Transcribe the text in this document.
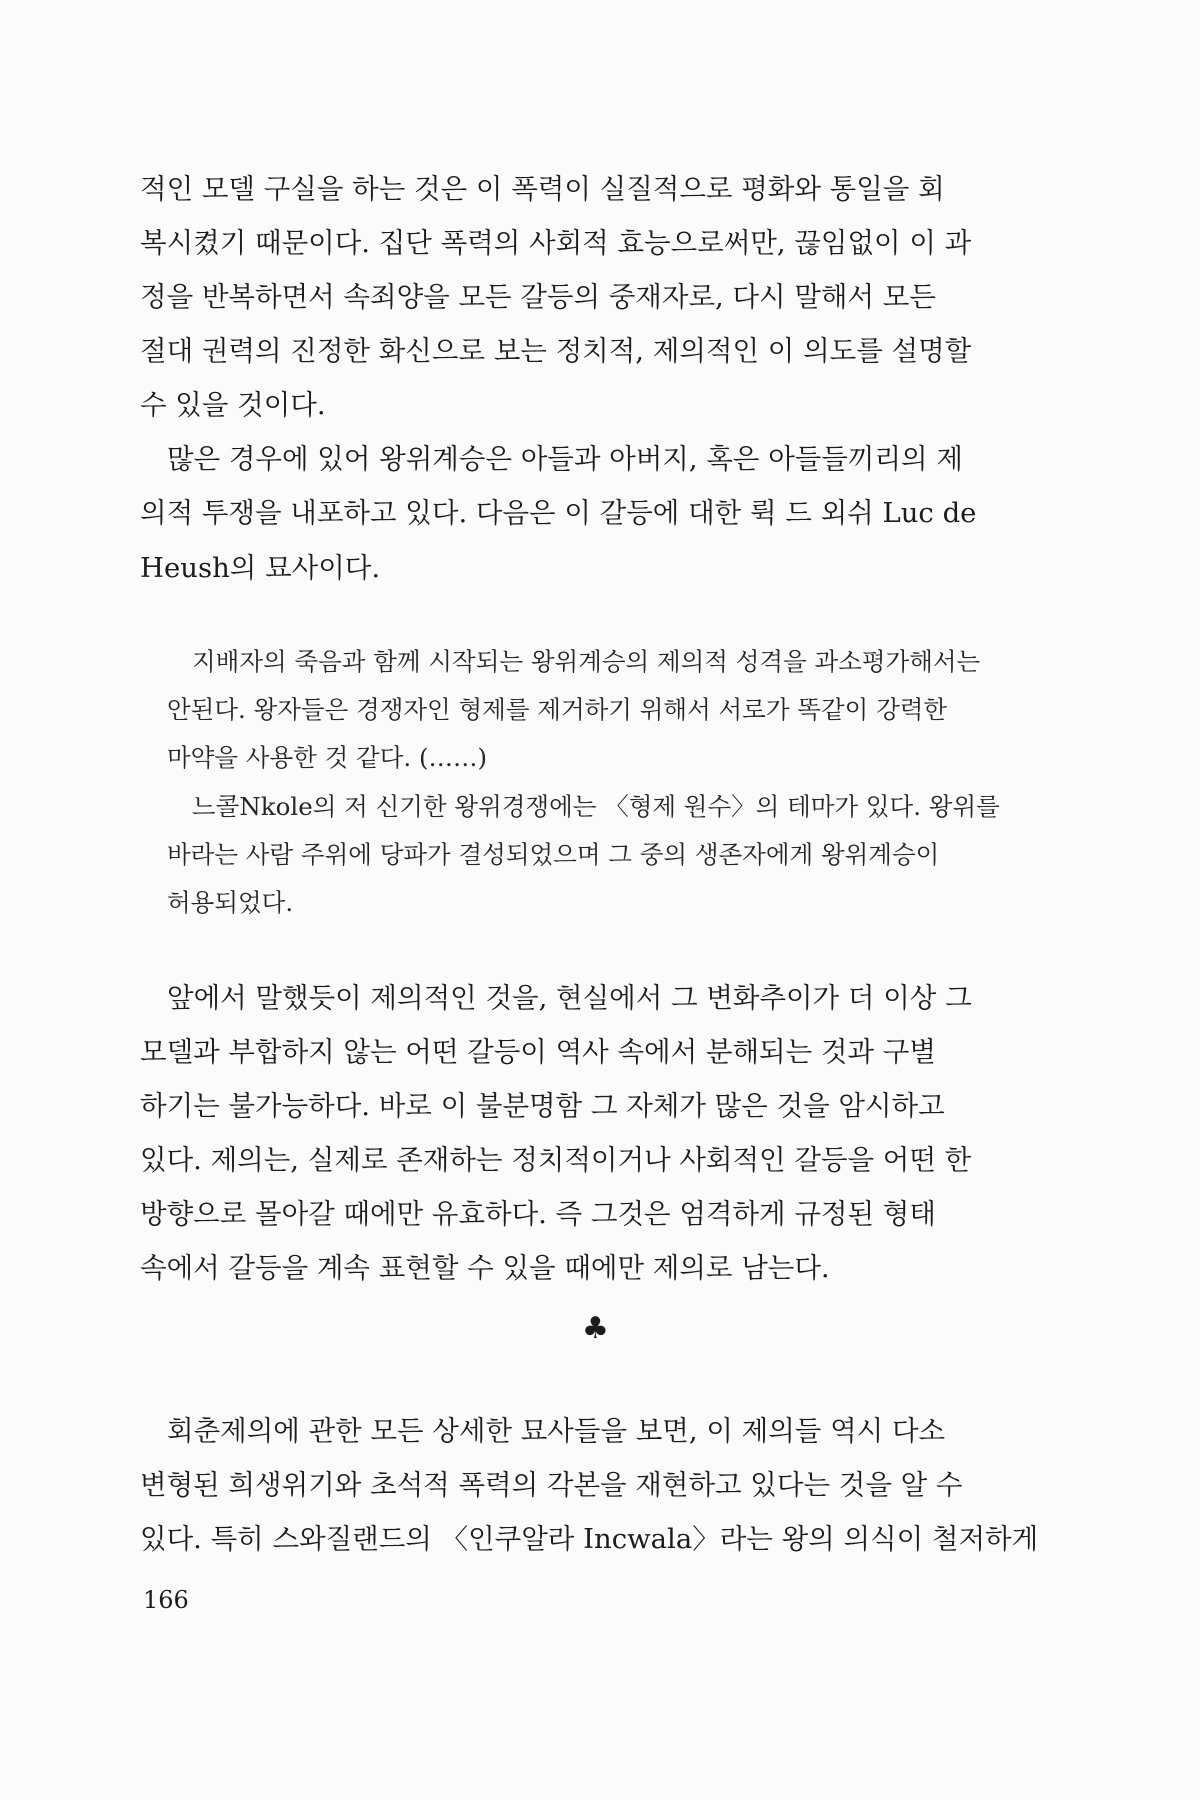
적인 모델 구실을 하는 것은 이 폭력이 실질적으로 평화와 통일을 회
복시켰기 때문이다. 집단 폭력의 사회적 효능으로써만, 끊임없이 이 과
정을 반복하면서 속죄양을 모든 갈등의 중재자로, 다시 말해서 모든
절대 권력의 진정한 화신으로 보는 정치적, 제의적인 이 의도를 설명할
수 있을 것이다.
많은 경우에 있어 왕위계승은 아들과 아버지, 혹은 아들들끼리의 제
의적 투쟁을 내포하고 있다. 다음은 이 갈등에 대한 뤽 드 외쉬 Luc de
Heush의 묘사이다.
지배자의 죽음과 함께 시작되는 왕위계승의 제의적 성격을 과소평가해서는
안된다. 왕자들은 경쟁자인 형제를 제거하기 위해서 서로가 똑같이 강력한
마약을 사용한 것 같다. (……)
느콜Nkole의 저 신기한 왕위경쟁에는 〈형제 원수〉의 테마가 있다. 왕위를
바라는 사람 주위에 당파가 결성되었으며 그 중의 생존자에게 왕위계승이
허용되었다.
앞에서 말했듯이 제의적인 것을, 현실에서 그 변화추이가 더 이상 그
모델과 부합하지 않는 어떤 갈등이 역사 속에서 분해되는 것과 구별
하기는 불가능하다. 바로 이 불분명함 그 자체가 많은 것을 암시하고
있다. 제의는, 실제로 존재하는 정치적이거나 사회적인 갈등을 어떤 한
방향으로 몰아갈 때에만 유효하다. 즉 그것은 엄격하게 규정된 형태
속에서 갈등을 계속 표현할 수 있을 때에만 제의로 남는다.
♣
회춘제의에 관한 모든 상세한 묘사들을 보면, 이 제의들 역시 다소
변형된 희생위기와 초석적 폭력의 각본을 재현하고 있다는 것을 알 수
있다. 특히 스와질랜드의 〈인쿠알라 Incwala〉라는 왕의 의식이 철저하게
166
